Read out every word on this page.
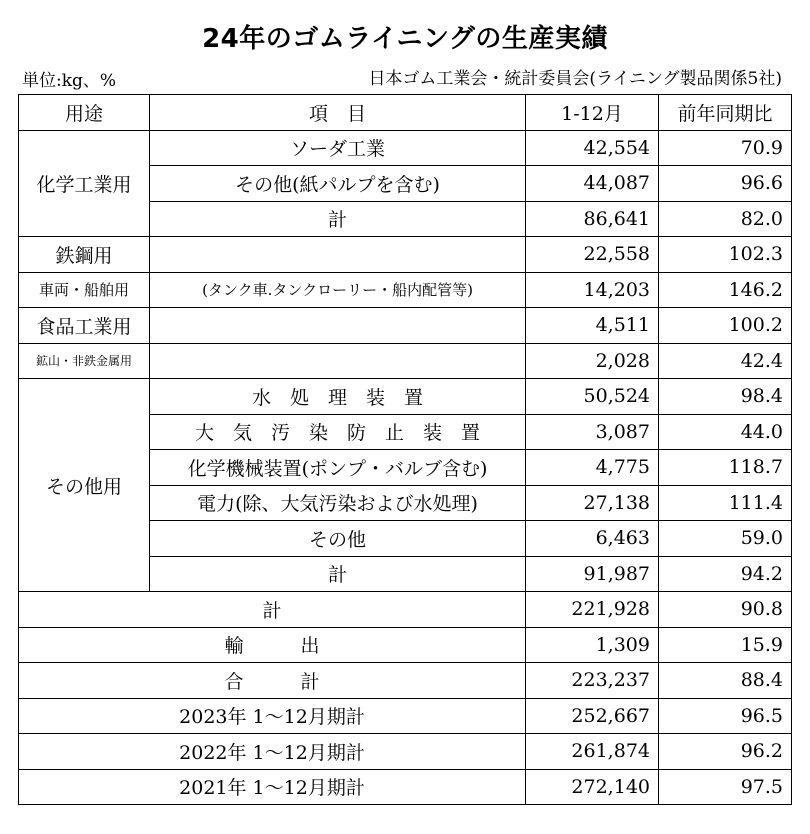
24年のゴムライニングの生産実績
単位:kg、%	日本ゴム工業会・統計委員会(ライニング製品関係5社)
用途	項　目	1-12月	前年同期比
化学工業用	ソーダ工業	42,554	70.9
	その他(紙パルプを含む)	44,087	96.6
	計	86,641	82.0
鉄鋼用		22,558	102.3
車両・船舶用	(タンク車.タンクローリー・船内配管等)	14,203	146.2
食品工業用		4,511	100.2
鉱山・非鉄金属用		2,028	42.4
その他用	水　処　理　装　置	50,524	98.4
	大　気　汚　染　防　止　装　置	3,087	44.0
	化学機械装置(ポンプ・バルブ含む)	4,775	118.7
	電力(除、大気汚染および水処理)	27,138	111.4
	その他	6,463	59.0
	計	91,987	94.2
計		221,928	90.8
輸　　　出		1,309	15.9
合　　　計		223,237	88.4
2023年 1～12月期計		252,667	96.5
2022年 1～12月期計		261,874	96.2
2021年 1～12月期計		272,140	97.5
